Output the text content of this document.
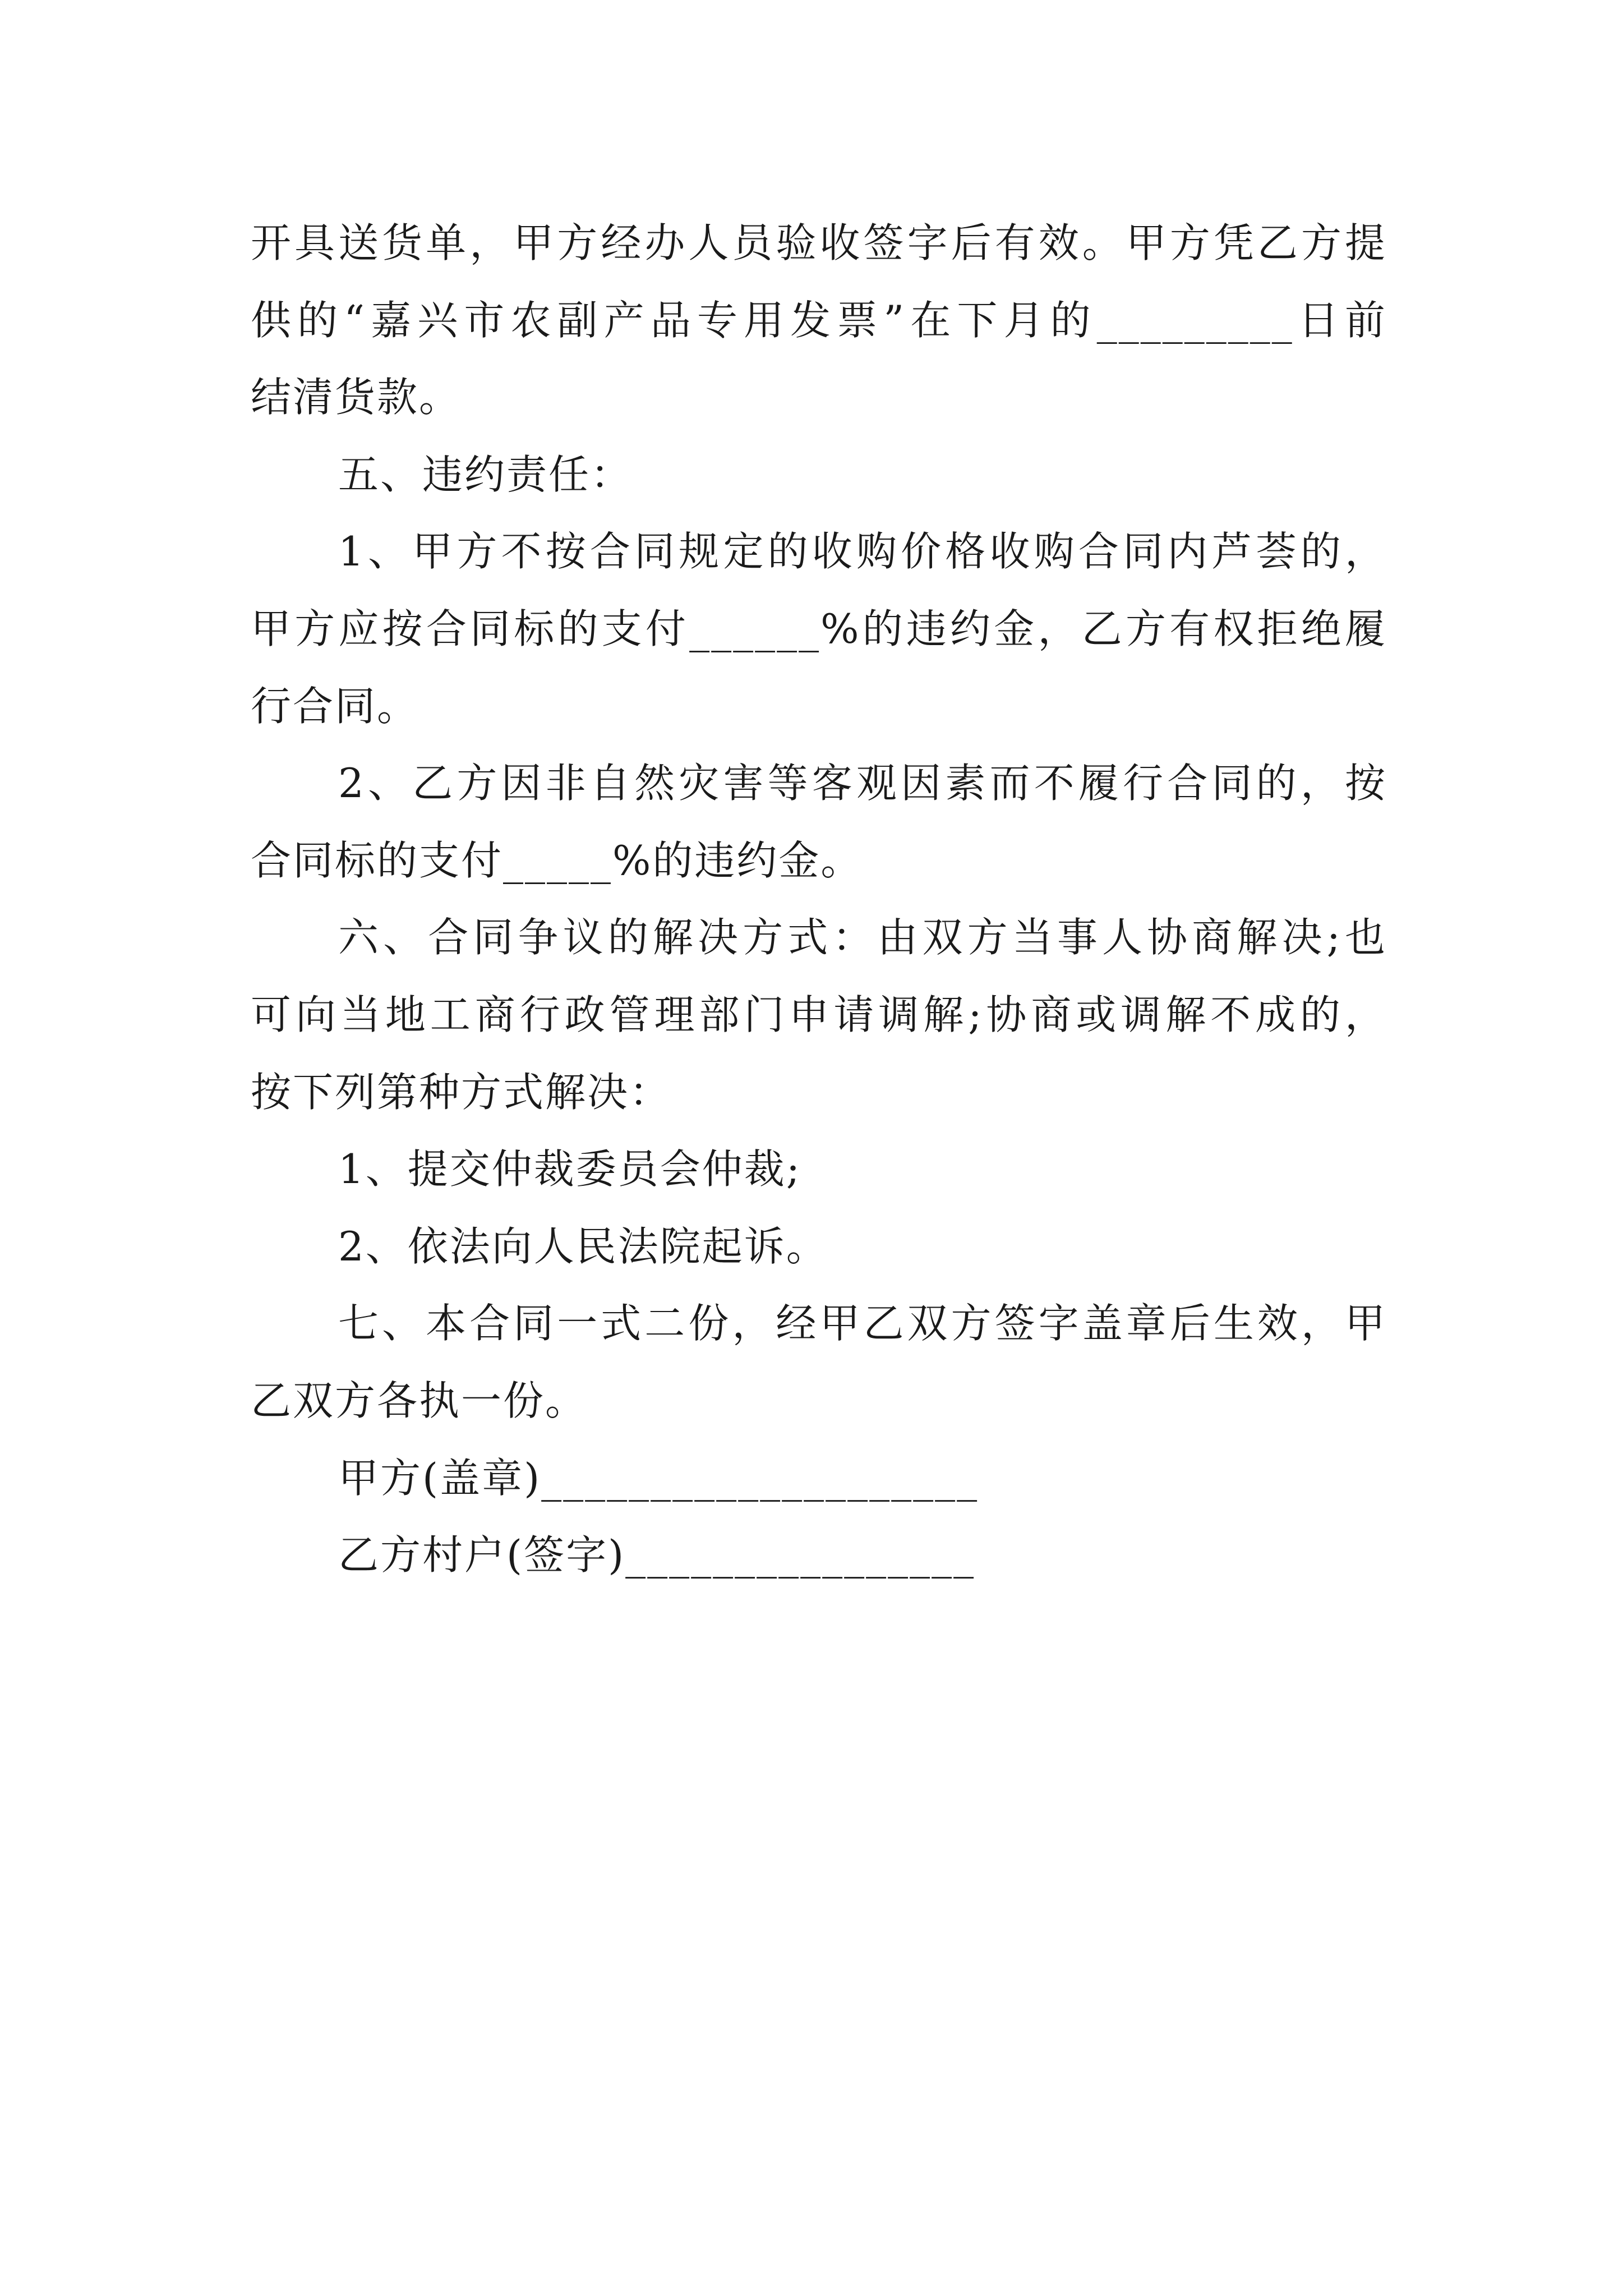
开具送货单，甲方经办人员验收签字后有效。甲方凭乙方提
供的“嘉兴市农副产品专用发票”在下月的_________日前
结清货款。
五、违约责任：
1、甲方不按合同规定的收购价格收购合同内芦荟的，
甲方应按合同标的支付______%的违约金，乙方有权拒绝履
行合同。
2、乙方因非自然灾害等客观因素而不履行合同的，按
合同标的支付_____%的违约金。
六、合同争议的解决方式：由双方当事人协商解决;也
可向当地工商行政管理部门申请调解;协商或调解不成的，
按下列第种方式解决：
1、提交仲裁委员会仲裁;
2、依法向人民法院起诉。
七、本合同一式二份，经甲乙双方签字盖章后生效，甲
乙双方各执一份。
甲方(盖章)____________________
乙方村户(签字)________________
